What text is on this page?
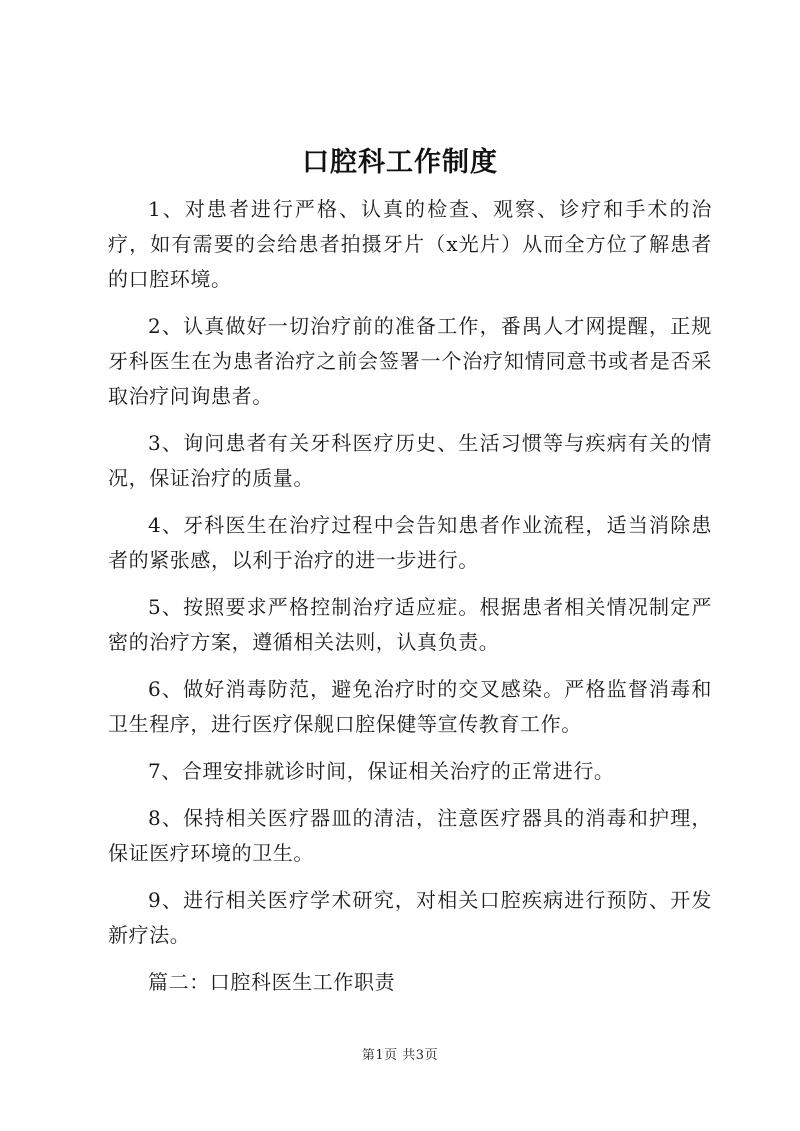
口腔科工作制度

1、对患者进行严格、认真的检查、观察、诊疗和手术的治疗，如有需要的会给患者拍摄牙片（x光片）从而全方位了解患者的口腔环境。

2、认真做好一切治疗前的准备工作，番禺人才网提醒，正规牙科医生在为患者治疗之前会签署一个治疗知情同意书或者是否采取治疗问询患者。

3、询问患者有关牙科医疗历史、生活习惯等与疾病有关的情况，保证治疗的质量。

4、牙科医生在治疗过程中会告知患者作业流程，适当消除患者的紧张感，以利于治疗的进一步进行。

5、按照要求严格控制治疗适应症。根据患者相关情况制定严密的治疗方案，遵循相关法则，认真负责。

6、做好消毒防范，避免治疗时的交叉感染。严格监督消毒和卫生程序，进行医疗保舰口腔保健等宣传教育工作。

7、合理安排就诊时间，保证相关治疗的正常进行。

8、保持相关医疗器皿的清洁，注意医疗器具的消毒和护理，保证医疗环境的卫生。

9、进行相关医疗学术研究，对相关口腔疾病进行预防、开发新疗法。

篇二：口腔科医生工作职责

第1页 共3页
